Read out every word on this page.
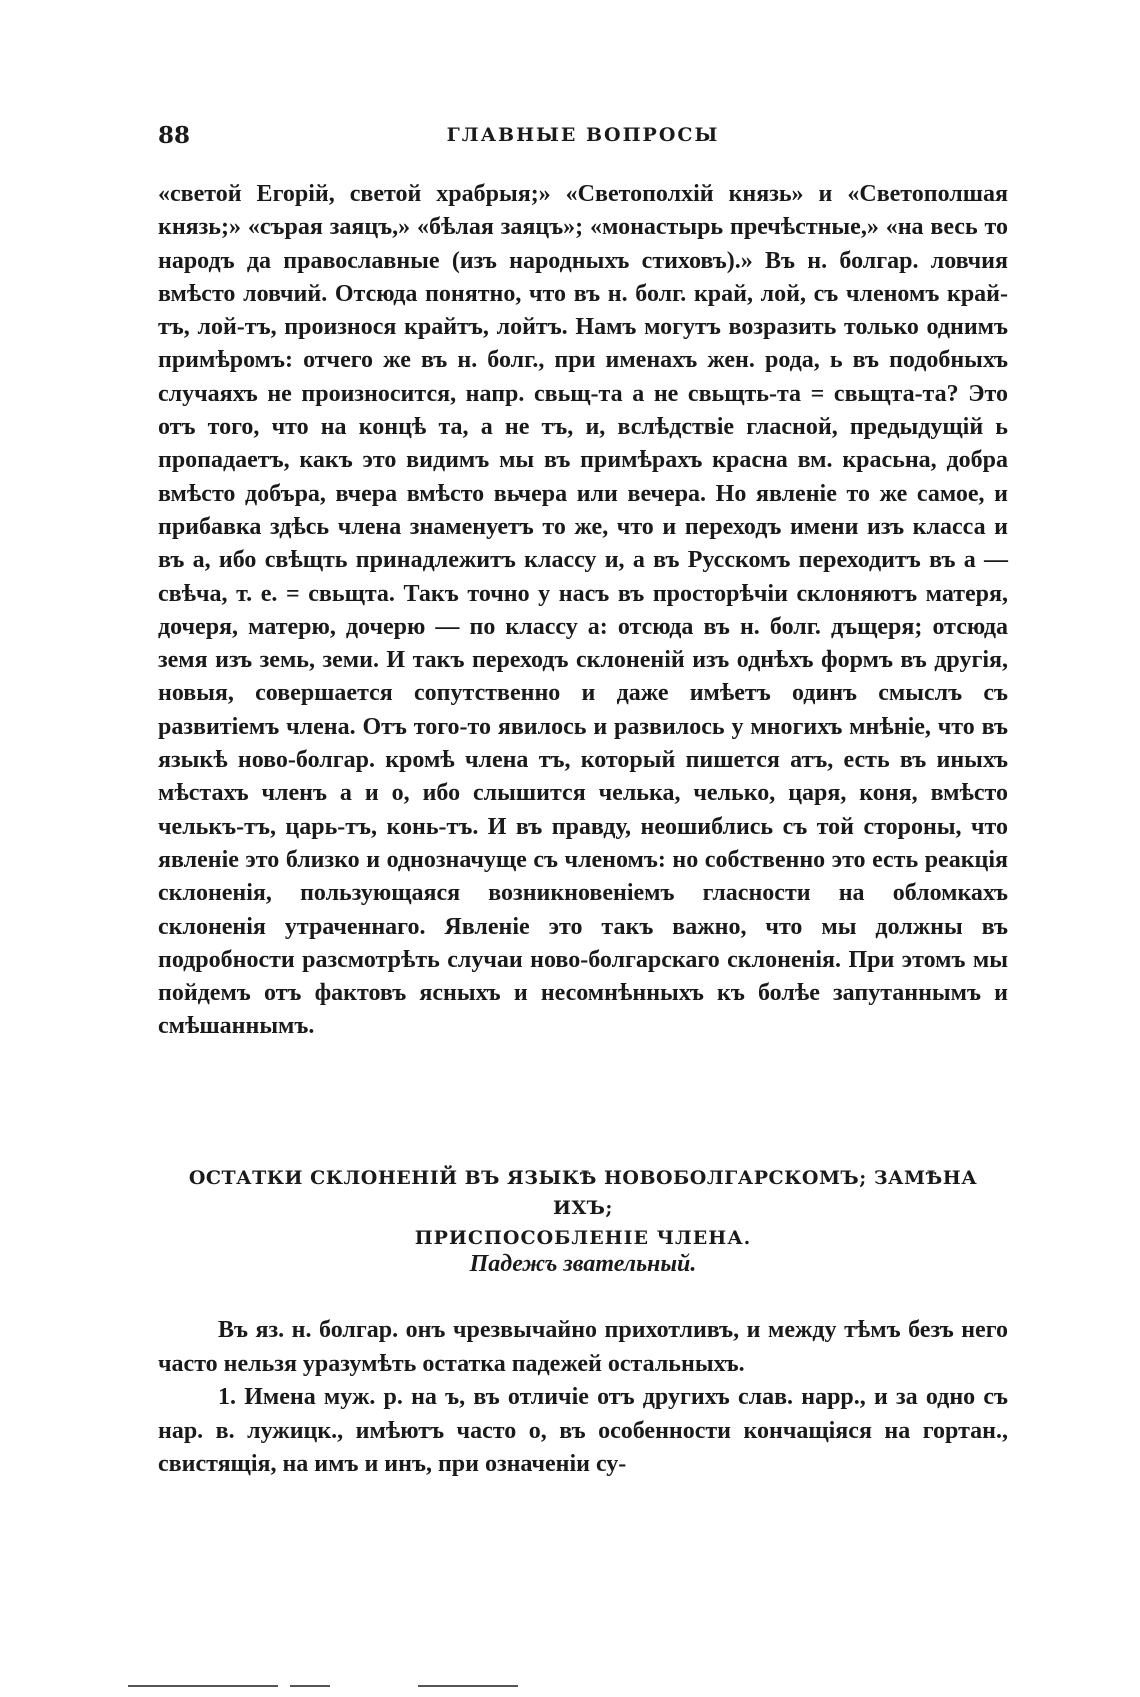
88	ГЛАВНЫЕ ВОПРОСЫ

«светой Егорій, светой храбрыя;» «Светополхій князь» и «Светополшая князь;» «сърая заяцъ,» «бѣлая заяцъ»; «монастырь пречѣстные,» «на весь то народъ да православные (изъ народныхъ стиховъ).» Въ н. болгар. ловчия вмѣсто ловчий. Отсюда понятно, что въ н. болг. край, лой, съ членомъ край-тъ, лой-тъ, произнося крайтъ, лойтъ. Намъ могутъ возразить только однимъ примѣромъ: отчего же въ н. болг., при именахъ жен. рода, ь въ подобныхъ случаяхъ не произносится, напр. свьщ-та а не свьщть-та = свьщта-та? Это отъ того, что на концѣ та, а не тъ, и, вслѣдствіе гласной, предыдущій ь пропадаетъ, какъ это видимъ мы въ примѣрахъ красна вм. красьна, добра вмѣсто добъра, вчера вмѣсто вьчера или вечера. Но явленіе то же самое, и прибавка здѣсь члена знаменуетъ то же, что и переходъ имени изъ класса и въ а, ибо свѣщть принадлежитъ классу и, а въ Русскомъ переходитъ въ а — свѣча, т. е. = свьщта. Такъ точно у насъ въ просторѣчіи склоняютъ матеря, дочеря, матерю, дочерю — по классу а: отсюда въ н. болг. дъщеря; отсюда земя изъ земь, земи. И такъ переходъ склоненій изъ однѣхъ формъ въ другія, новыя, совершается сопутственно и даже имѣетъ одинъ смыслъ съ развитіемъ члена. Отъ того-то явилось и развилось у многихъ мнѣніе, что въ языкѣ ново-болгар. кромѣ члена тъ, который пишется атъ, есть въ иныхъ мѣстахъ членъ а и о, ибо слышится челька, челько, царя, коня, вмѣсто челькъ-тъ, царь-тъ, конь-тъ. И въ правду, неошиблись съ той стороны, что явленіе это близко и однозначуще съ членомъ: но собственно это есть реакція склоненія, пользующаяся возникновеніемъ гласности на обломкахъ склоненія утраченнаго. Явленіе это такъ важно, что мы должны въ подробности разсмотрѣть случаи ново-болгарскаго склоненія. При этомъ мы пойдемъ отъ фактовъ ясныхъ и несомнѣнныхъ къ болѣе запутаннымъ и смѣшаннымъ.

ОСТАТКИ СКЛОНЕНІЙ ВЪ ЯЗЫКѢ НОВОБОЛГАРСКОМЪ; ЗАМѢНА ИХЪ;
ПРИСПОСОБЛЕНІЕ ЧЛЕНА.
Падежъ звательный.

Въ яз. н. болгар. онъ чрезвычайно прихотливъ, и между тѣмъ безъ него часто нельзя уразумѣть остатка падежей остальныхъ.

1. Имена муж. р. на ъ, въ отличіе отъ другихъ слав. нарр., и за одно съ нар. в. лужицк., имѣютъ часто о, въ особенности кончащіяся на гортан., свистящія, на имъ и инъ, при означеніи су-
